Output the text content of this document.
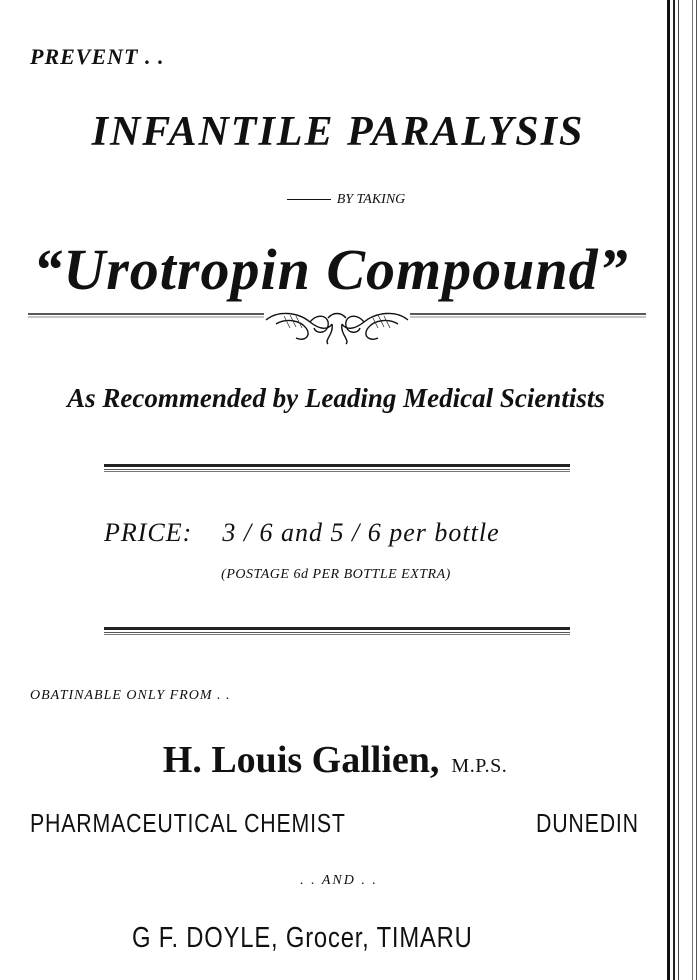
PREVENT . .
INFANTILE PARALYSIS
BY TAKING
“Urotropin Compound”
As Recommended by Leading Medical Scientists
PRICE: 3 / 6 and 5 / 6 per bottle
(POSTAGE 6d PER BOTTLE EXTRA)
OBATINABLE ONLY FROM . .
H. Louis Gallien, M.P.S.
PHARMACEUTICAL CHEMIST	DUNEDIN
. . AND . .
G F. DOYLE, Grocer, TIMARU
